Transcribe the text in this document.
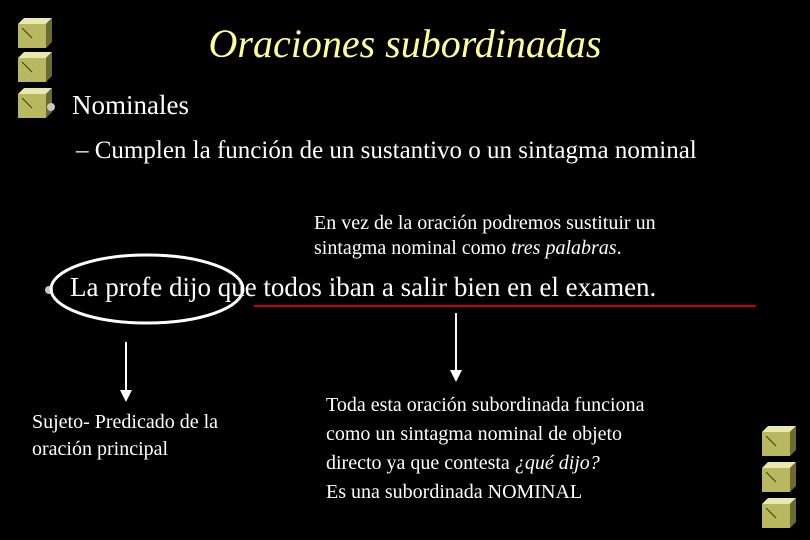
Oraciones subordinadas
Nominales
– Cumplen la función de un sustantivo o un sintagma nominal
En vez de la oración podremos sustituir un
sintagma nominal como tres palabras.
La profe dijo que todos iban a salir bien en el examen.
Sujeto- Predicado de la
oración principal
Toda esta oración subordinada funciona
como un sintagma nominal de objeto
directo ya que contesta ¿qué dijo?
Es una subordinada NOMINAL
